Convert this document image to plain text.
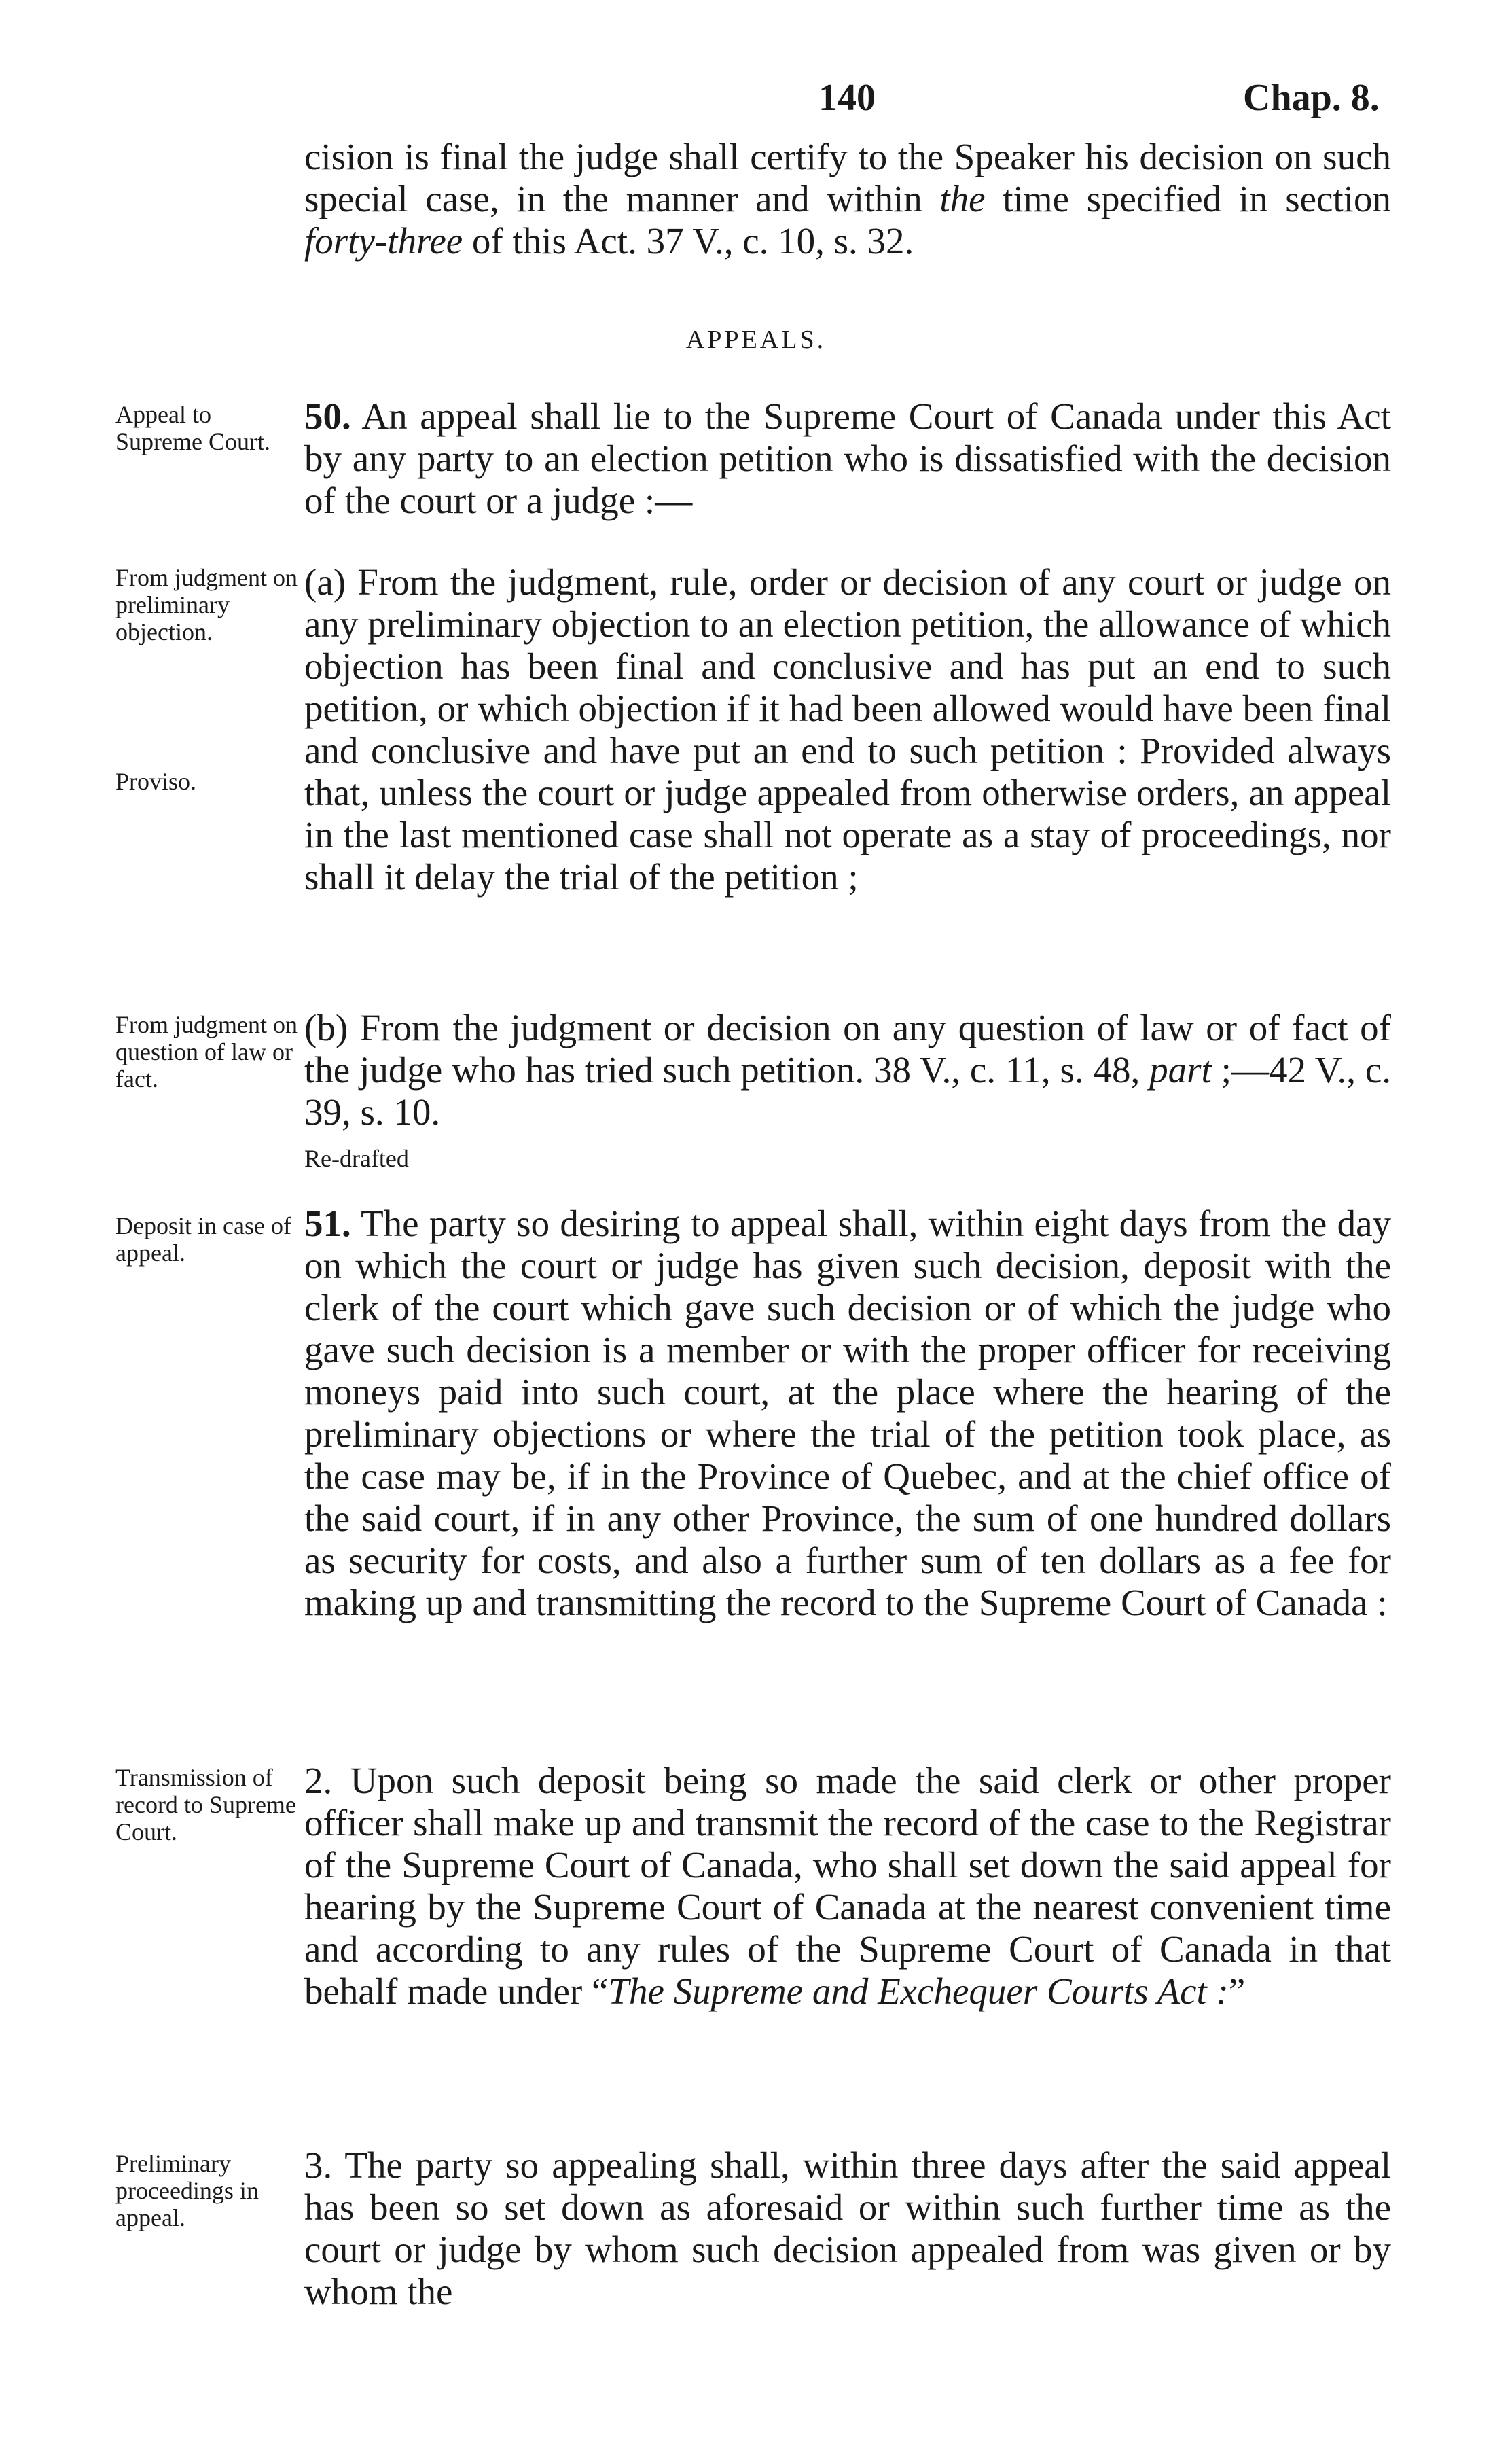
140	Chap. 8.

cision is final the judge shall certify to the Speaker his decision on such special case, in the manner and within the time specified in section forty-three of this Act. 37 V., c. 10, s. 32.

APPEALS.
Appeal to Supreme Court.

50. An appeal shall lie to the Supreme Court of Canada under this Act by any party to an election petition who is dissatisfied with the decision of the court or a judge :—

From judgment on preliminary objection.
Proviso.

(a) From the judgment, rule, order or decision of any court or judge on any preliminary objection to an election petition, the allowance of which objection has been final and conclusive and has put an end to such petition, or which objection if it had been allowed would have been final and conclusive and have put an end to such petition : Provided always that, unless the court or judge appealed from otherwise orders, an appeal in the last mentioned case shall not operate as a stay of proceedings, nor shall it delay the trial of the petition ;

From judgment on question of law or fact.

(b) From the judgment or decision on any question of law or of fact of the judge who has tried such petition. 38 V., c. 11, s. 48, part ;—42 V., c. 39, s. 10.
Re-drafted

Deposit in case of appeal.

51. The party so desiring to appeal shall, within eight days from the day on which the court or judge has given such decision, deposit with the clerk of the court which gave such decision or of which the judge who gave such decision is a member or with the proper officer for receiving moneys paid into such court, at the place where the hearing of the preliminary objections or where the trial of the petition took place, as the case may be, if in the Province of Quebec, and at the chief office of the said court, if in any other Province, the sum of one hundred dollars as security for costs, and also a further sum of ten dollars as a fee for making up and transmitting the record to the Supreme Court of Canada :

Transmission of record to Supreme Court.

2. Upon such deposit being so made the said clerk or other proper officer shall make up and transmit the record of the case to the Registrar of the Supreme Court of Canada, who shall set down the said appeal for hearing by the Supreme Court of Canada at the nearest convenient time and according to any rules of the Supreme Court of Canada in that behalf made under “The Supreme and Exchequer Courts Act :”

Preliminary proceedings in appeal.

3. The party so appealing shall, within three days after the said appeal has been so set down as aforesaid or within such further time as the court or judge by whom such decision appealed from was given or by whom the
